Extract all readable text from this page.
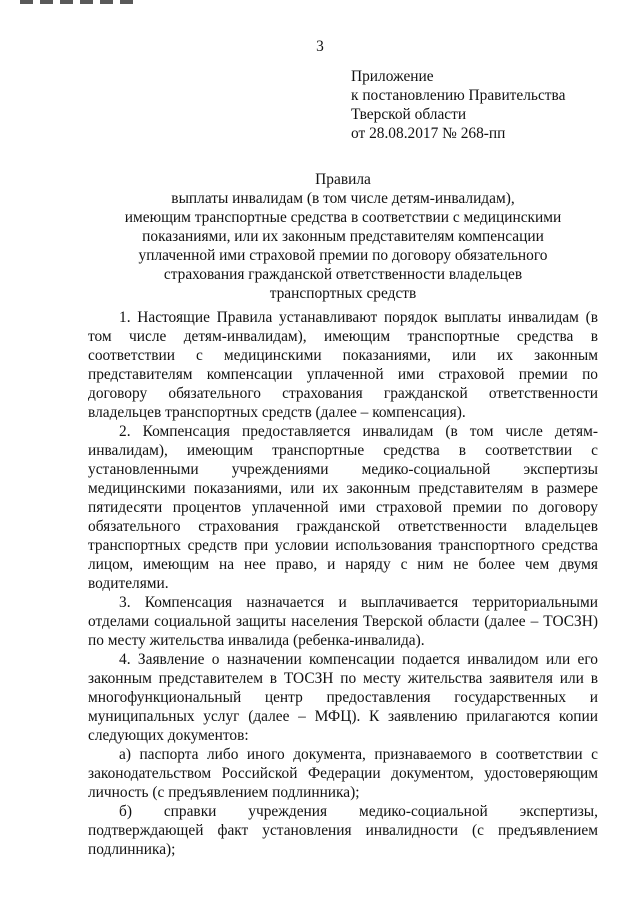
3
Приложение
к постановлению Правительства
Тверской области
от 28.08.2017 № 268-пп
Правила
выплаты инвалидам (в том числе детям-инвалидам),
имеющим транспортные средства в соответствии с медицинскими
показаниями, или их законным представителям компенсации
уплаченной ими страховой премии по договору обязательного
страхования гражданской ответственности владельцев
транспортных средств
1. Настоящие Правила устанавливают порядок выплаты инвалидам (в том числе детям-инвалидам), имеющим транспортные средства в соответствии с медицинскими показаниями, или их законным представителям компенсации уплаченной ими страховой премии по договору обязательного страхования гражданской ответственности владельцев транспортных средств (далее – компенсация).
2. Компенсация предоставляется инвалидам (в том числе детям-инвалидам), имеющим транспортные средства в соответствии с установленными учреждениями медико-социальной экспертизы медицинскими показаниями, или их законным представителям в размере пятидесяти процентов уплаченной ими страховой премии по договору обязательного страхования гражданской ответственности владельцев транспортных средств при условии использования транспортного средства лицом, имеющим на нее право, и наряду с ним не более чем двумя водителями.
3. Компенсация назначается и выплачивается территориальными отделами социальной защиты населения Тверской области (далее – ТОСЗН) по месту жительства инвалида (ребенка-инвалида).
4. Заявление о назначении компенсации подается инвалидом или его законным представителем в ТОСЗН по месту жительства заявителя или в многофункциональный центр предоставления государственных и муниципальных услуг (далее – МФЦ). К заявлению прилагаются копии следующих документов:
а) паспорта либо иного документа, признаваемого в соответствии с законодательством Российской Федерации документом, удостоверяющим личность (с предъявлением подлинника);
б) справки учреждения медико-социальной экспертизы, подтверждающей факт установления инвалидности (с предъявлением подлинника);
